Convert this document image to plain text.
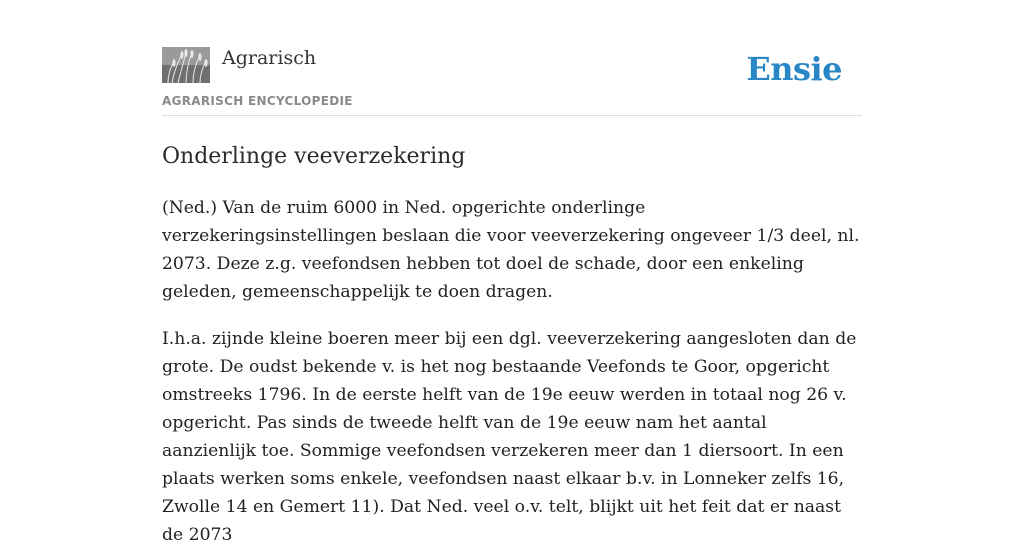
Agrarisch

AGRARISCH ENCYCLOPEDIE

Ensie
Onderlinge veeverzekering

(Ned.) Van de ruim 6000 in Ned. opgerichte onderlinge verzekeringsinstellingen beslaan die voor veeverzekering ongeveer 1/3 deel, nl. 2073. Deze z.g. veefondsen hebben tot doel de schade, door een enkeling geleden, gemeenschappelijk te doen dragen.

I.h.a. zijnde kleine boeren meer bij een dgl. veeverzekering aangesloten dan de grote. De oudst bekende v. is het nog bestaande Veefonds te Goor, opgericht omstreeks 1796. In de eerste helft van de 19e eeuw werden in totaal nog 26 v. opgericht. Pas sinds de tweede helft van de 19e eeuw nam het aantal aanzienlijk toe. Sommige veefondsen verzekeren meer dan 1 diersoort. In een plaats werken soms enkele, veefondsen naast elkaar b.v. in Lonneker zelfs 16, Zwolle 14 en Gemert 11). Dat Ned. veel o.v. telt, blijkt uit het feit dat er naast de 2073
